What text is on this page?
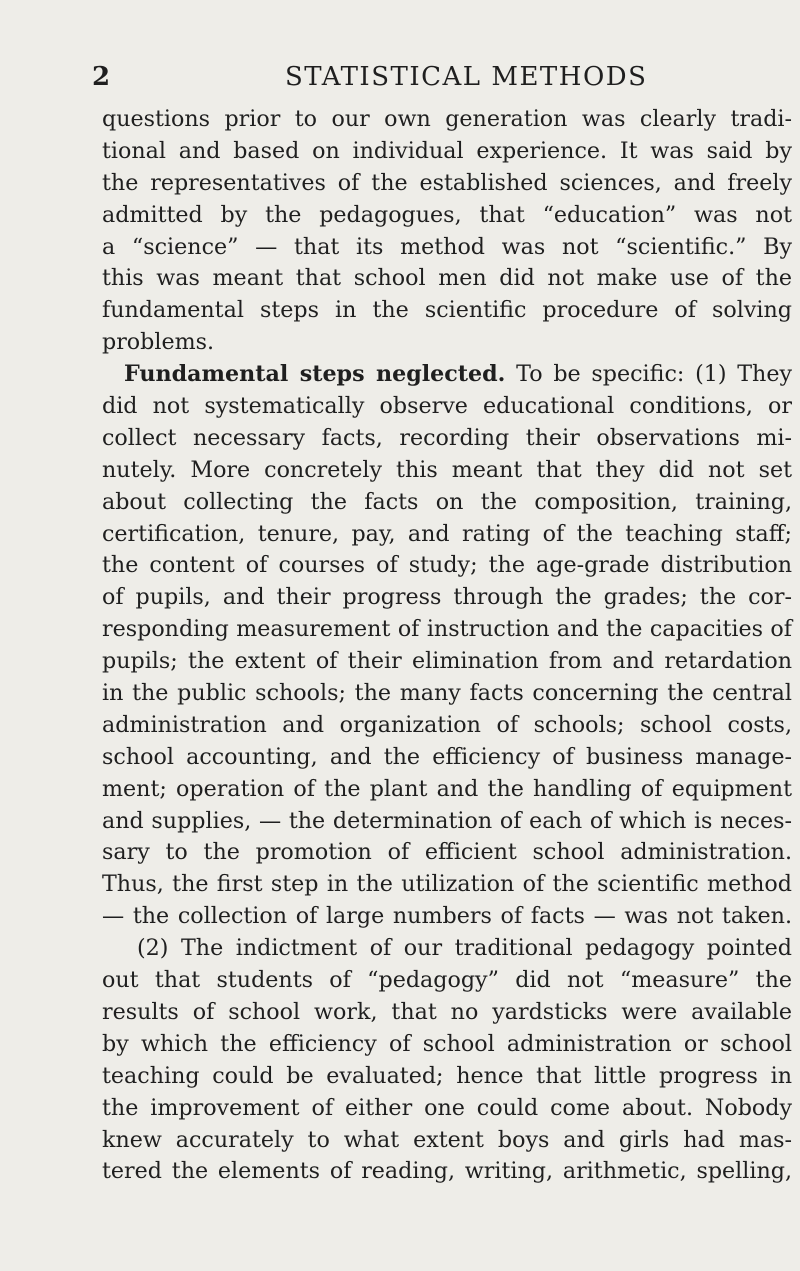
2	STATISTICAL METHODS
questions prior to our own generation was clearly tradi-
tional and based on individual experience. It was said by
the representatives of the established sciences, and freely
admitted by the pedagogues, that “education” was not
a “science” — that its method was not “scientific.” By
this was meant that school men did not make use of the
fundamental steps in the scientific procedure of solving
problems.
Fundamental steps neglected. To be specific: (1) They
did not systematically observe educational conditions, or
collect necessary facts, recording their observations mi-
nutely. More concretely this meant that they did not set
about collecting the facts on the composition, training,
certification, tenure, pay, and rating of the teaching staff;
the content of courses of study; the age-grade distribution
of pupils, and their progress through the grades; the cor-
responding measurement of instruction and the capacities of
pupils; the extent of their elimination from and retardation
in the public schools; the many facts concerning the central
administration and organization of schools; school costs,
school accounting, and the efficiency of business manage-
ment; operation of the plant and the handling of equipment
and supplies, — the determination of each of which is neces-
sary to the promotion of efficient school administration.
Thus, the first step in the utilization of the scientific method
— the collection of large numbers of facts — was not taken.
(2) The indictment of our traditional pedagogy pointed
out that students of “pedagogy” did not “measure” the
results of school work, that no yardsticks were available
by which the efficiency of school administration or school
teaching could be evaluated; hence that little progress in
the improvement of either one could come about. Nobody
knew accurately to what extent boys and girls had mas-
tered the elements of reading, writing, arithmetic, spelling,
